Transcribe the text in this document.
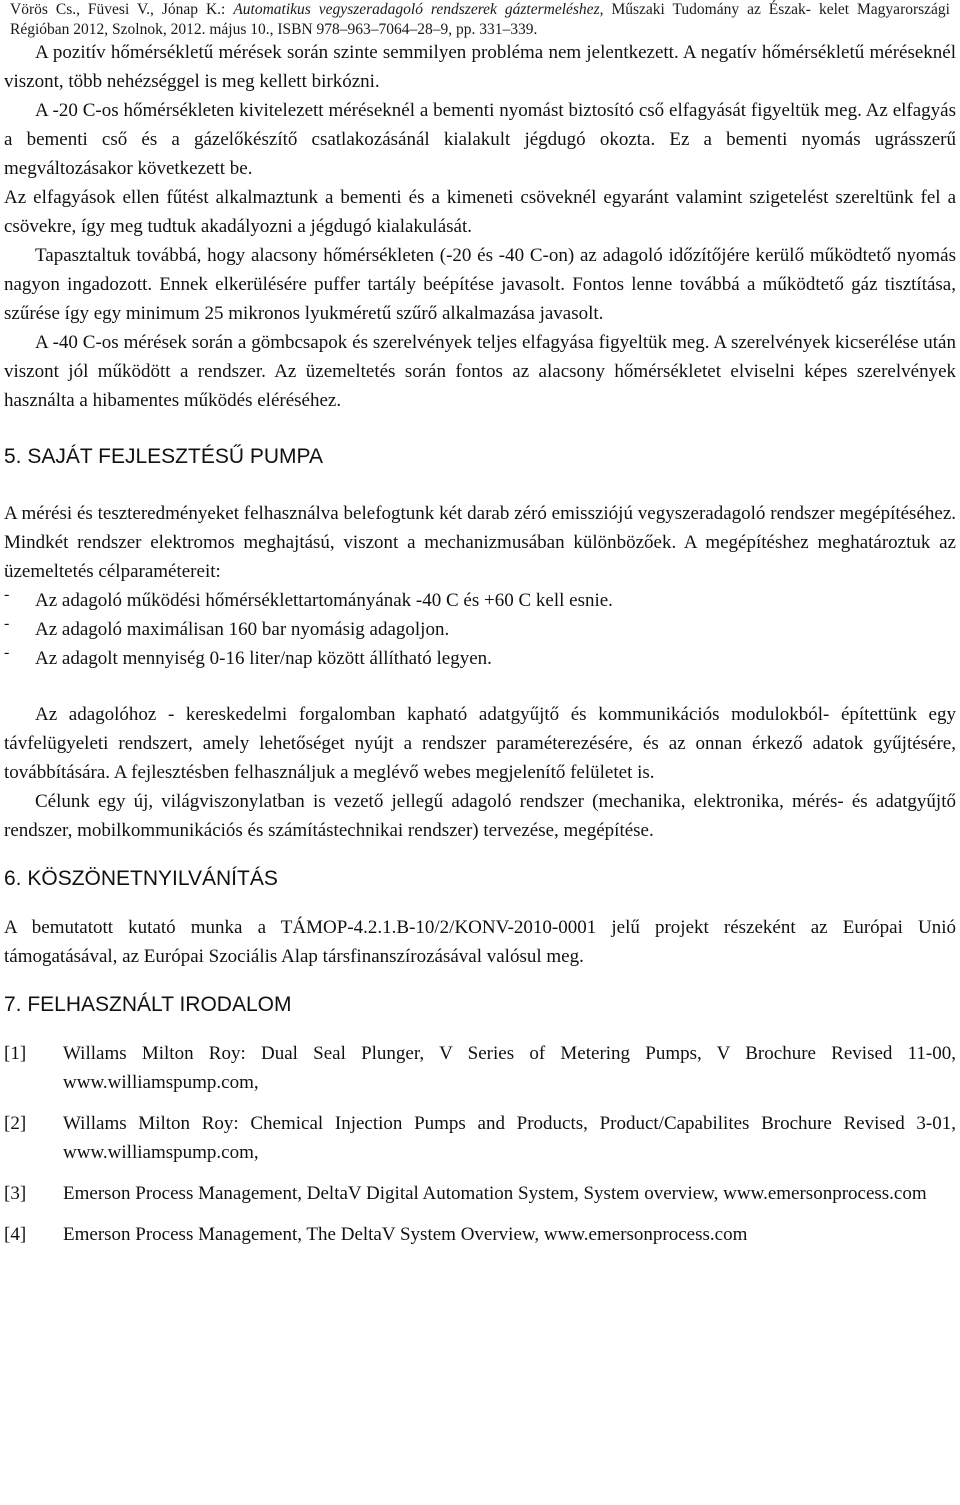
Vörös Cs., Füvesi V., Jónap K.: Automatikus vegyszeradagoló rendszerek gáztermeléshez, Műszaki Tudomány az Észak- kelet Magyarországi Régióban 2012, Szolnok, 2012. május 10., ISBN 978–963–7064–28–9, pp. 331–339.

A pozitív hőmérsékletű mérések során szinte semmilyen probléma nem jelentkezett. A negatív hőmérsékletű méréseknél viszont, több nehézséggel is meg kellett birkózni.

A -20 C-os hőmérsékleten kivitelezett méréseknél a bementi nyomást biztosító cső elfagyását figyeltük meg. Az elfagyás a bementi cső és a gázelőkészítő csatlakozásánál kialakult jégdugó okozta. Ez a bementi nyomás ugrásszerű megváltozásakor következett be.

Az elfagyások ellen fűtést alkalmaztunk a bementi és a kimeneti csöveknél egyaránt valamint szigetelést szereltünk fel a csövekre, így meg tudtuk akadályozni a jégdugó kialakulását.

Tapasztaltuk továbbá, hogy alacsony hőmérsékleten (-20 és -40 C-on) az adagoló időzítőjére kerülő működtető nyomás nagyon ingadozott. Ennek elkerülésére puffer tartály beépítése javasolt. Fontos lenne továbbá a működtető gáz tisztítása, szűrése így egy minimum 25 mikronos lyukméretű szűrő alkalmazása javasolt.

A -40 C-os mérések során a gömbcsapok és szerelvények teljes elfagyása figyeltük meg. A szerelvények kicserélése után viszont jól működött a rendszer. Az üzemeltetés során fontos az alacsony hőmérsékletet elviselni képes szerelvények használta a hibamentes működés eléréséhez.

5. SAJÁT FEJLESZTÉSŰ PUMPA

A mérési és teszteredményeket felhasználva belefogtunk két darab zéró emissziójú vegyszeradagoló rendszer megépítéséhez. Mindkét rendszer elektromos meghajtású, viszont a mechanizmusában különbözőek. A megépítéshez meghatároztuk az üzemeltetés célparamétereit:

-	Az adagoló működési hőmérséklettartományának -40 C és +60 C kell esnie.

-	Az adagoló maximálisan 160 bar nyomásig adagoljon.

-	Az adagolt mennyiség 0-16 liter/nap között állítható legyen.

Az adagolóhoz - kereskedelmi forgalomban kapható adatgyűjtő és kommunikációs modulokból- építettünk egy távfelügyeleti rendszert, amely lehetőséget nyújt a rendszer paraméterezésére, és az onnan érkező adatok gyűjtésére, továbbítására. A fejlesztésben felhasználjuk a meglévő webes megjelenítő felületet is.

Célunk egy új, világviszonylatban is vezető jellegű adagoló rendszer (mechanika, elektronika, mérés- és adatgyűjtő rendszer, mobilkommunikációs és számítástechnikai rendszer) tervezése, megépítése.

6. KÖSZÖNETNYILVÁNÍTÁS

A bemutatott kutató munka a TÁMOP-4.2.1.B-10/2/KONV-2010-0001 jelű projekt részeként az Európai Unió támogatásával, az Európai Szociális Alap társfinanszírozásával valósul meg.

7. FELHASZNÁLT IRODALOM
[1]	Willams Milton Roy: Dual Seal Plunger, V Series of Metering Pumps, V Brochure Revised 11-00, www.williamspump.com,
[2]	Willams Milton Roy: Chemical Injection Pumps and Products, Product/Capabilites Brochure Revised 3-01, www.williamspump.com,
[3]	Emerson Process Management, DeltaV Digital Automation System, System overview, www.emersonprocess.com
[4]	Emerson Process Management, The DeltaV System Overview, www.emersonprocess.com
